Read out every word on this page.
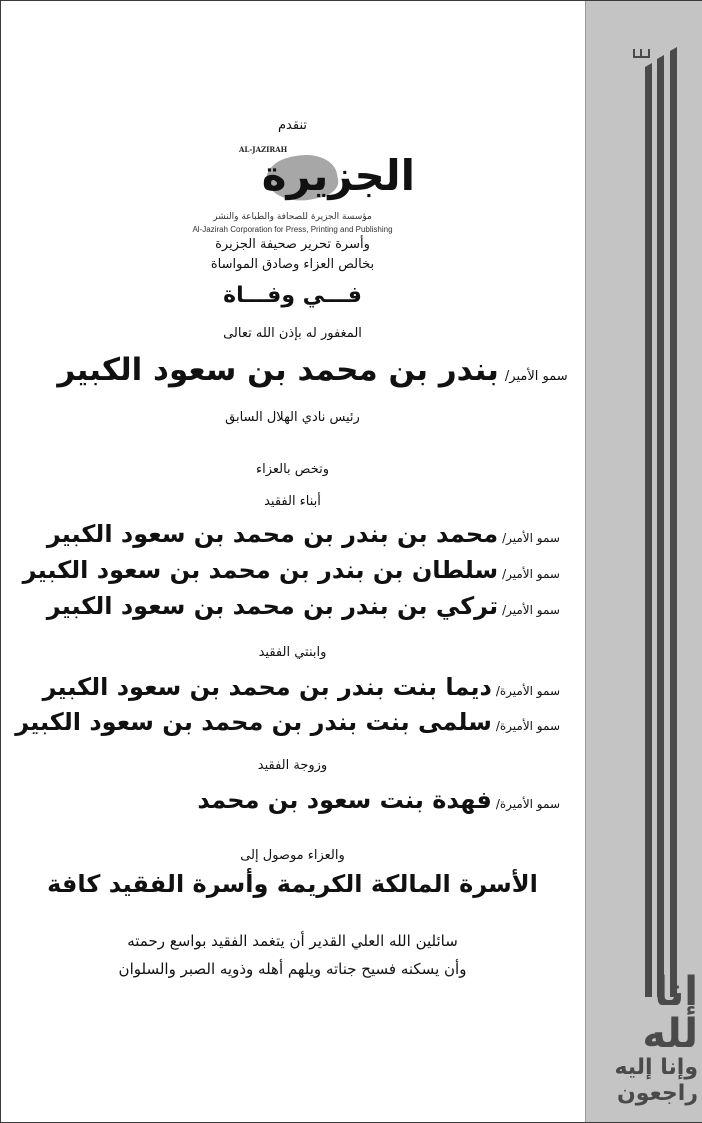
إنا لله
وإنا إليه
راجعون
تنقدم
AL-JAZIRAH
الجزيرة
مؤسسة الجزيرة للصحافة والطباعة والنشر
Al-Jazirah Corporation for Press, Printing and Publishing
وأسرة تحرير صحيفة الجزيرة
بخالص العزاء وصادق المواساة
فـــي وفـــاة
المغفور له بإذن الله تعالى
سمو الأمير/بندر بن محمد بن سعود الكبير
رئيس نادي الهلال السابق
وتخص بالعزاء
أبناء الفقيد
سمو الأمير/محمد بن بندر بن محمد بن سعود الكبير
سمو الأمير/سلطان بن بندر بن محمد بن سعود الكبير
سمو الأمير/تركي بن بندر بن محمد بن سعود الكبير
وابنتي الفقيد
سمو الأميرة/ديما بنت بندر بن محمد بن سعود الكبير
سمو الأميرة/سلمى بنت بندر بن محمد بن سعود الكبير
وزوجة الفقيد
سمو الأميرة/فهدة بنت سعود بن محمد
والعزاء موصول إلى
الأسرة المالكة الكريمة وأسرة الفقيد كافة
سائلين الله العلي القدير أن يتغمد الفقيد بواسع رحمته
وأن يسكنه فسيح جناته ويلهم أهله وذويه الصبر والسلوان
